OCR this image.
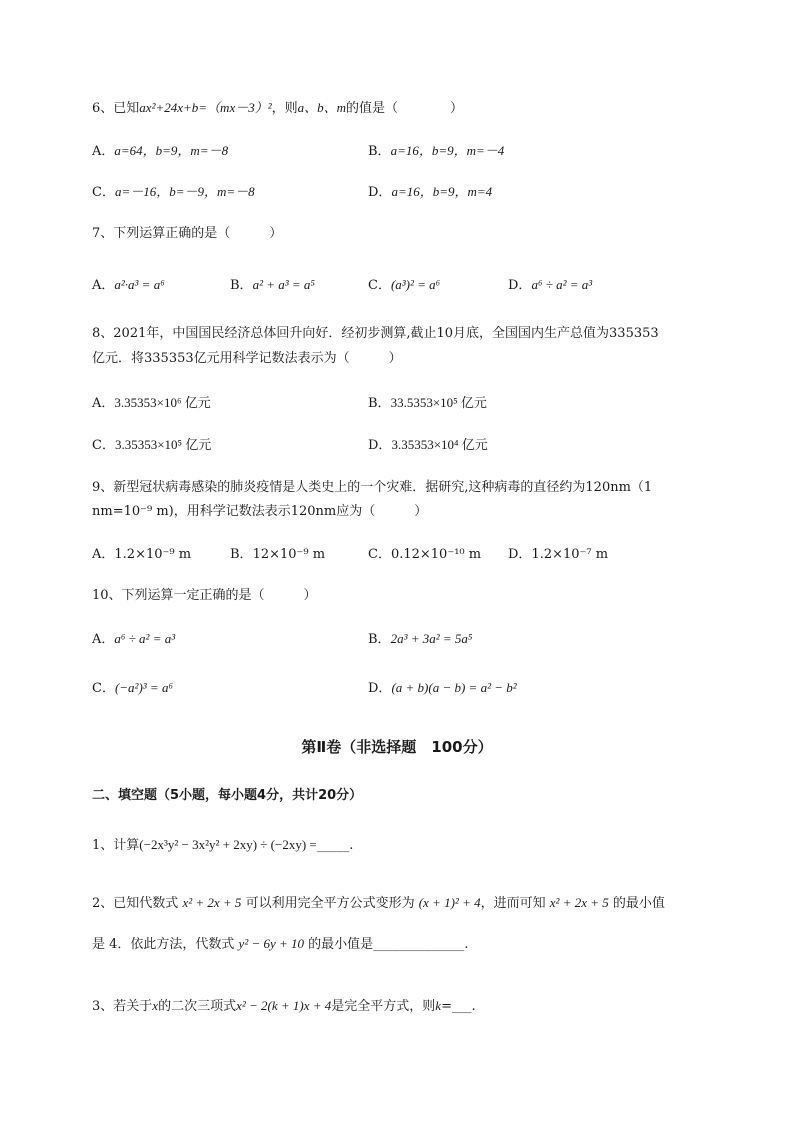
6、已知ax²+24x+b=（mx－3）²，则a、b、m的值是（　　　　）
A．a=64，b=9，m=－8	B．a=16，b=9，m=－4
C．a=－16，b=－9，m=－8	D．a=16，b=9，m=4
7、下列运算正确的是（　　　）
A．a²·a³ = a⁶	B．a² + a³ = a⁵	C．(a³)² = a⁶	D．a⁶ ÷ a² = a³
8、2021年，中国国民经济总体回升向好．经初步测算,截止10月底，全国国内生产总值为335353
亿元．将335353亿元用科学记数法表示为（　　　）
A．3.35353×10⁶ 亿元	B．33.5353×10⁵ 亿元
C．3.35353×10⁵ 亿元	D．3.35353×10⁴ 亿元
9、新型冠状病毒感染的肺炎疫情是人类史上的一个灾难．据研究,这种病毒的直径约为120nm（1
nm=10⁻⁹ m)，用科学记数法表示120nm应为（　　　）
A．1.2×10⁻⁹ m	B．12×10⁻⁹ m	C．0.12×10⁻¹⁰ m D．1.2×10⁻⁷ m
10、下列运算一定正确的是（　　　）
A．a⁶ ÷ a² = a³	B．2a³ + 3a² = 5a⁵
C．(−a²)³ = a⁶	D．(a + b)(a − b) = a² − b²
第Ⅱ卷（非选择题　100分）
二、填空题（5小题，每小题4分，共计20分）
1、计算(−2x³y² − 3x²y² + 2xy) ÷ (−2xy) =_____.
2、已知代数式 x² + 2x + 5 可以利用完全平方公式变形为 (x + 1)² + 4，进而可知 x² + 2x + 5 的最小值
是 4．依此方法，代数式 y² − 6y + 10 的最小值是______________.
3、若关于x的二次三项式x² − 2(k + 1)x + 4是完全平方式，则k=___.
